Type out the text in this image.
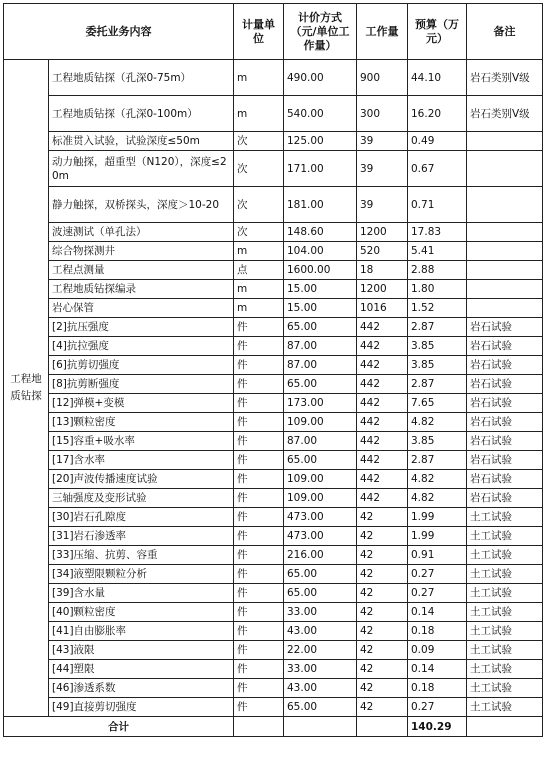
委托业务内容		计量单位	计价方式（元/单位工作量）	工作量	预算（万元）	备注
工程地质钻探	工程地质钻探（孔深0-75m）	m	490.00	900	44.10	岩石类别Ⅴ级
	工程地质钻探（孔深0-100m）	m	540.00	300	16.20	岩石类别Ⅴ级
	标准贯入试验，试验深度≤50m	次	125.00	39	0.49	
	动力触探，超重型（N120），深度≤20m	次	171.00	39	0.67	
	静力触探，双桥探头，深度＞10-20	次	181.00	39	0.71	
	波速测试（单孔法）	次	148.60	1200	17.83	
	综合物探测井	m	104.00	520	5.41	
	工程点测量	点	1600.00	18	2.88	
	工程地质钻探编录	m	15.00	1200	1.80	
	岩心保管	m	15.00	1016	1.52	
	[2]抗压强度	件	65.00	442	2.87	岩石试验
	[4]抗拉强度	件	87.00	442	3.85	岩石试验
	[6]抗剪切强度	件	87.00	442	3.85	岩石试验
	[8]抗剪断强度	件	65.00	442	2.87	岩石试验
	[12]弹模+变模	件	173.00	442	7.65	岩石试验
	[13]颗粒密度	件	109.00	442	4.82	岩石试验
	[15]容重+吸水率	件	87.00	442	3.85	岩石试验
	[17]含水率	件	65.00	442	2.87	岩石试验
	[20]声波传播速度试验	件	109.00	442	4.82	岩石试验
	三轴强度及变形试验	件	109.00	442	4.82	岩石试验
	[30]岩石孔隙度	件	473.00	42	1.99	土工试验
	[31]岩石渗透率	件	473.00	42	1.99	土工试验
	[33]压缩、抗剪、容重	件	216.00	42	0.91	土工试验
	[34]液塑限颗粒分析	件	65.00	42	0.27	土工试验
	[39]含水量	件	65.00	42	0.27	土工试验
	[40]颗粒密度	件	33.00	42	0.14	土工试验
	[41]自由膨胀率	件	43.00	42	0.18	土工试验
	[43]液限	件	22.00	42	0.09	土工试验
	[44]塑限	件	33.00	42	0.14	土工试验
	[46]渗透系数	件	43.00	42	0.18	土工试验
	[49]直接剪切强度	件	65.00	42	0.27	土工试验
合计					140.29	
